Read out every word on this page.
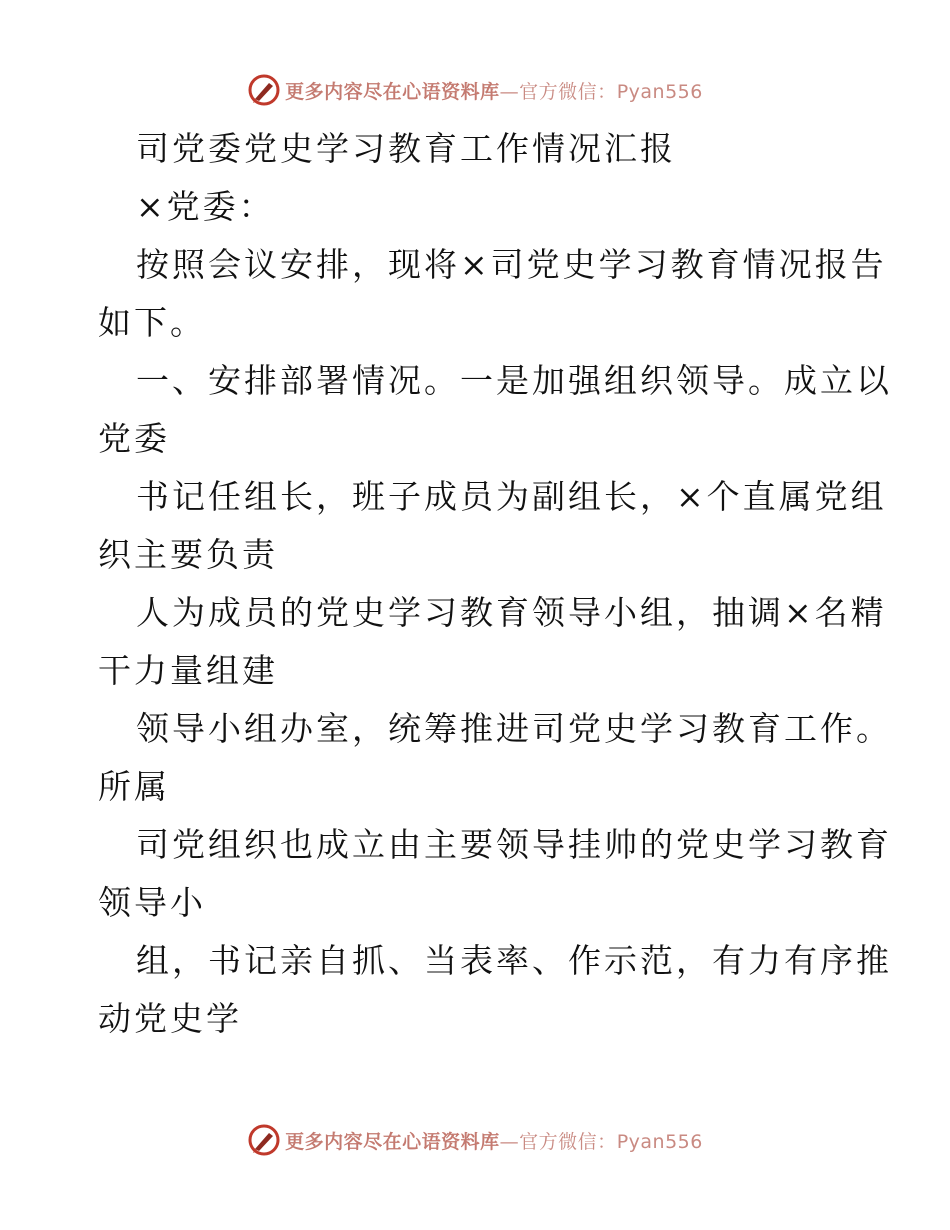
更多内容尽在心语资料库—官方微信：Pyan556
司党委党史学习教育工作情况汇报
×党委：
按照会议安排，现将×司党史学习教育情况报告
如下。
一、安排部署情况。一是加强组织领导。成立以
党委
书记任组长，班子成员为副组长，×个直属党组
织主要负责
人为成员的党史学习教育领导小组，抽调×名精
干力量组建
领导小组办室，统筹推进司党史学习教育工作。
所属
司党组织也成立由主要领导挂帅的党史学习教育
领导小
组，书记亲自抓、当表率、作示范，有力有序推
动党史学
更多内容尽在心语资料库—官方微信：Pyan556
